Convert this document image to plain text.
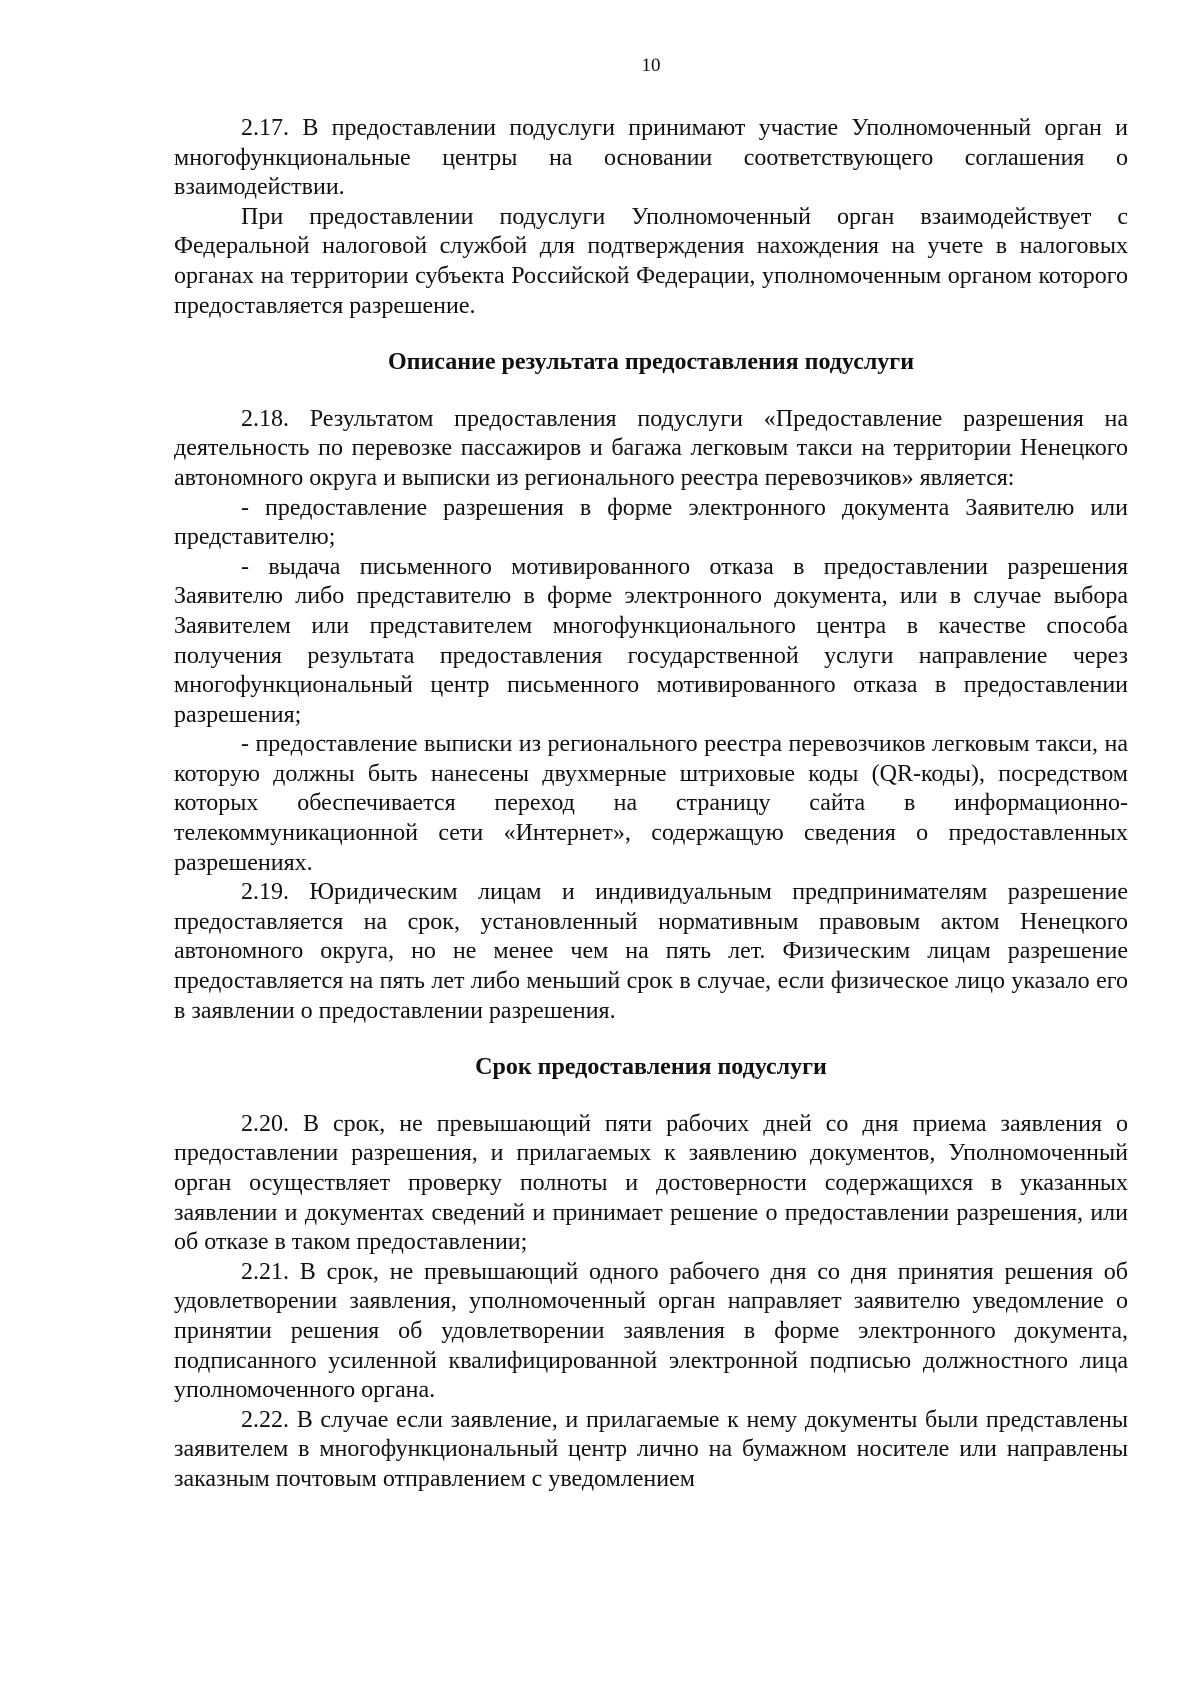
10

2.17. В предоставлении подуслуги принимают участие Уполномоченный орган и многофункциональные центры на основании соответствующего соглашения о взаимодействии.

При предоставлении подуслуги Уполномоченный орган взаимодействует с Федеральной налоговой службой для подтверждения нахождения на учете в налоговых органах на территории субъекта Российской Федерации, уполномоченным органом которого предоставляется разрешение.

Описание результата предоставления подуслуги

2.18. Результатом предоставления подуслуги «Предоставление разрешения на деятельность по перевозке пассажиров и багажа легковым такси на территории Ненецкого автономного округа и выписки из регионального реестра перевозчиков» является:

- предоставление разрешения в форме электронного документа Заявителю или представителю;

- выдача письменного мотивированного отказа в предоставлении разрешения Заявителю либо представителю в форме электронного документа, или в случае выбора Заявителем или представителем многофункционального центра в качестве способа получения результата предоставления государственной услуги направление через многофункциональный центр письменного мотивированного отказа в предоставлении разрешения;

- предоставление выписки из регионального реестра перевозчиков легковым такси, на которую должны быть нанесены двухмерные штриховые коды (QR-коды), посредством которых обеспечивается переход на страницу сайта в информационно-телекоммуникационной сети «Интернет», содержащую сведения о предоставленных разрешениях.

2.19. Юридическим лицам и индивидуальным предпринимателям разрешение предоставляется на срок, установленный нормативным правовым актом Ненецкого автономного округа, но не менее чем на пять лет. Физическим лицам разрешение предоставляется на пять лет либо меньший срок в случае, если физическое лицо указало его в заявлении о предоставлении разрешения.

Срок предоставления подуслуги

2.20. В срок, не превышающий пяти рабочих дней со дня приема заявления о предоставлении разрешения, и прилагаемых к заявлению документов, Уполномоченный орган осуществляет проверку полноты и достоверности содержащихся в указанных заявлении и документах сведений и принимает решение о предоставлении разрешения, или об отказе в таком предоставлении;

2.21. В срок, не превышающий одного рабочего дня со дня принятия решения об удовлетворении заявления, уполномоченный орган направляет заявителю уведомление о принятии решения об удовлетворении заявления в форме электронного документа, подписанного усиленной квалифицированной электронной подписью должностного лица уполномоченного органа.

2.22. В случае если заявление, и прилагаемые к нему документы были представлены заявителем в многофункциональный центр лично на бумажном носителе или направлены заказным почтовым отправлением с уведомлением
